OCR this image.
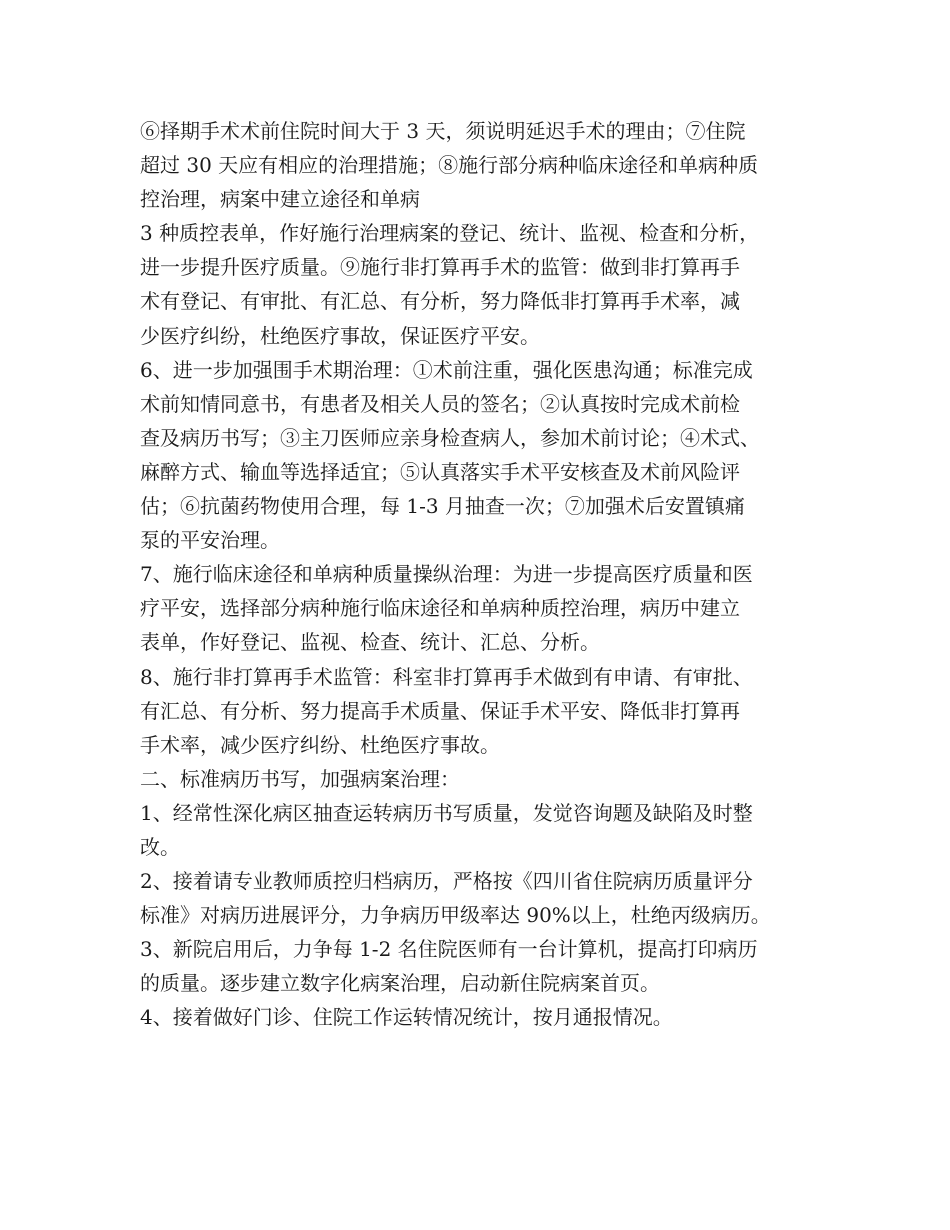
⑥择期手术术前住院时间大于 3 天，须说明延迟手术的理由；⑦住院
超过 30 天应有相应的治理措施；⑧施行部分病种临床途径和单病种质
控治理，病案中建立途径和单病
3 种质控表单，作好施行治理病案的登记、统计、监视、检查和分析，
进一步提升医疗质量。⑨施行非打算再手术的监管：做到非打算再手
术有登记、有审批、有汇总、有分析，努力降低非打算再手术率，减
少医疗纠纷，杜绝医疗事故，保证医疗平安。
6、进一步加强围手术期治理：①术前注重，强化医患沟通；标准完成
术前知情同意书，有患者及相关人员的签名；②认真按时完成术前检
查及病历书写；③主刀医师应亲身检查病人，参加术前讨论；④术式、
麻醉方式、输血等选择适宜；⑤认真落实手术平安核查及术前风险评
估；⑥抗菌药物使用合理，每 1-3 月抽查一次；⑦加强术后安置镇痛
泵的平安治理。
7、施行临床途径和单病种质量操纵治理：为进一步提高医疗质量和医
疗平安，选择部分病种施行临床途径和单病种质控治理，病历中建立
表单，作好登记、监视、检查、统计、汇总、分析。
8、施行非打算再手术监管：科室非打算再手术做到有申请、有审批、
有汇总、有分析、努力提高手术质量、保证手术平安、降低非打算再
手术率，减少医疗纠纷、杜绝医疗事故。
二、标准病历书写，加强病案治理：
1、经常性深化病区抽查运转病历书写质量，发觉咨询题及缺陷及时整
改。
2、接着请专业教师质控归档病历，严格按《四川省住院病历质量评分
标准》对病历进展评分，力争病历甲级率达 90%以上，杜绝丙级病历。
3、新院启用后，力争每 1-2 名住院医师有一台计算机，提高打印病历
的质量。逐步建立数字化病案治理，启动新住院病案首页。
4、接着做好门诊、住院工作运转情况统计，按月通报情况。
